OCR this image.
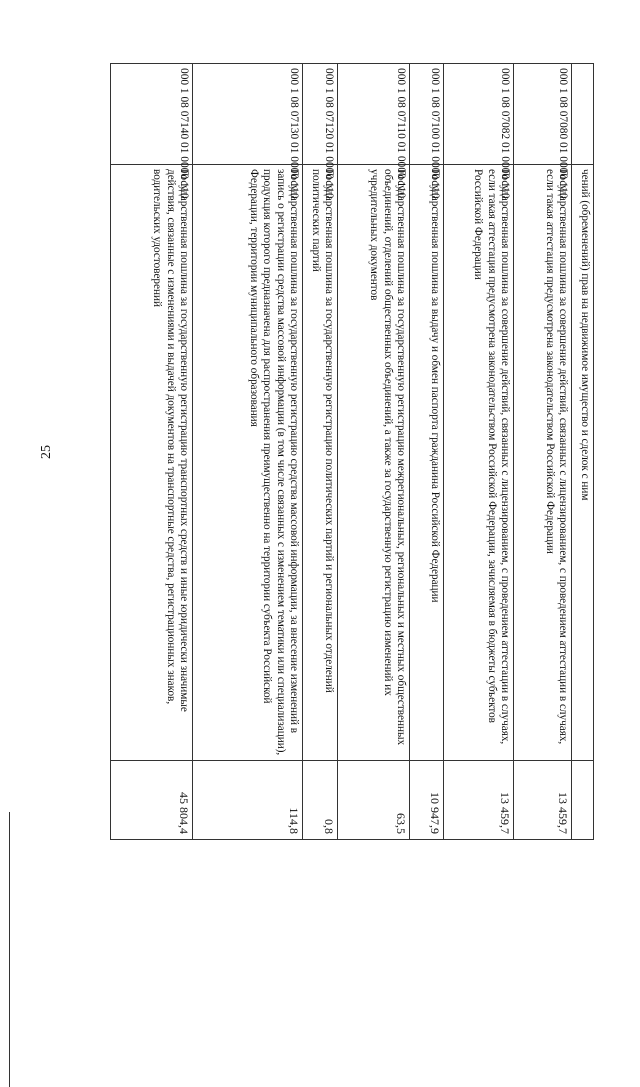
25
		чений (обременений) прав на недвижимое имущество и сделок с ним	
000 1 08 07080 01 0000 110	Государственная пошлина за совершение действий, связанных с лицензированием, с проведением аттестации в случаях, если такая аттестация предусмотрена законодательством Российской Федерации	13 459,7
000 1 08 07082 01 0000 110	Государственная пошлина за совершение действий, связанных с лицензированием, с проведением аттестации в случаях, если такая аттестация предусмотрена законодательством Российской Федерации, зачисляемая в бюджеты субъектов Российской Федерации	13 459,7
000 1 08 07100 01 0000 110	Государственная пошлина за выдачу и обмен паспорта гражданина Российской Федерации	10 947,9
000 1 08 07110 01 0000 110	Государственная пошлина за государственную регистрацию межрегиональных, региональных и местных общественных объединений, отделений общественных объединений, а также за государственную регистрацию изменений их учредительных документов	63,5
000 1 08 07120 01 0000 110	Государственная пошлина за государственную регистрацию политических партий и региональных отделений политических партий	0,8
000 1 08 07130 01 0000 110	Государственная пошлина за государственную регистрацию средства массовой информации, за внесение изменений в запись о регистрации средства массовой информации (в том числе связанных с изменением тематики или специализации), продукция которого предназначена для распространения преимущественно на территории субъекта Российской Федерации, территории муниципального образования	114,8
000 1 08 07140 01 0000 110	Государственная пошлина за государственную регистрацию транспортных средств и иные юридически значимые действия, связанные с изменениями и выдачей документов на транспортные средства, регистрационных знаков, водительских удостоверений	45 804,4
